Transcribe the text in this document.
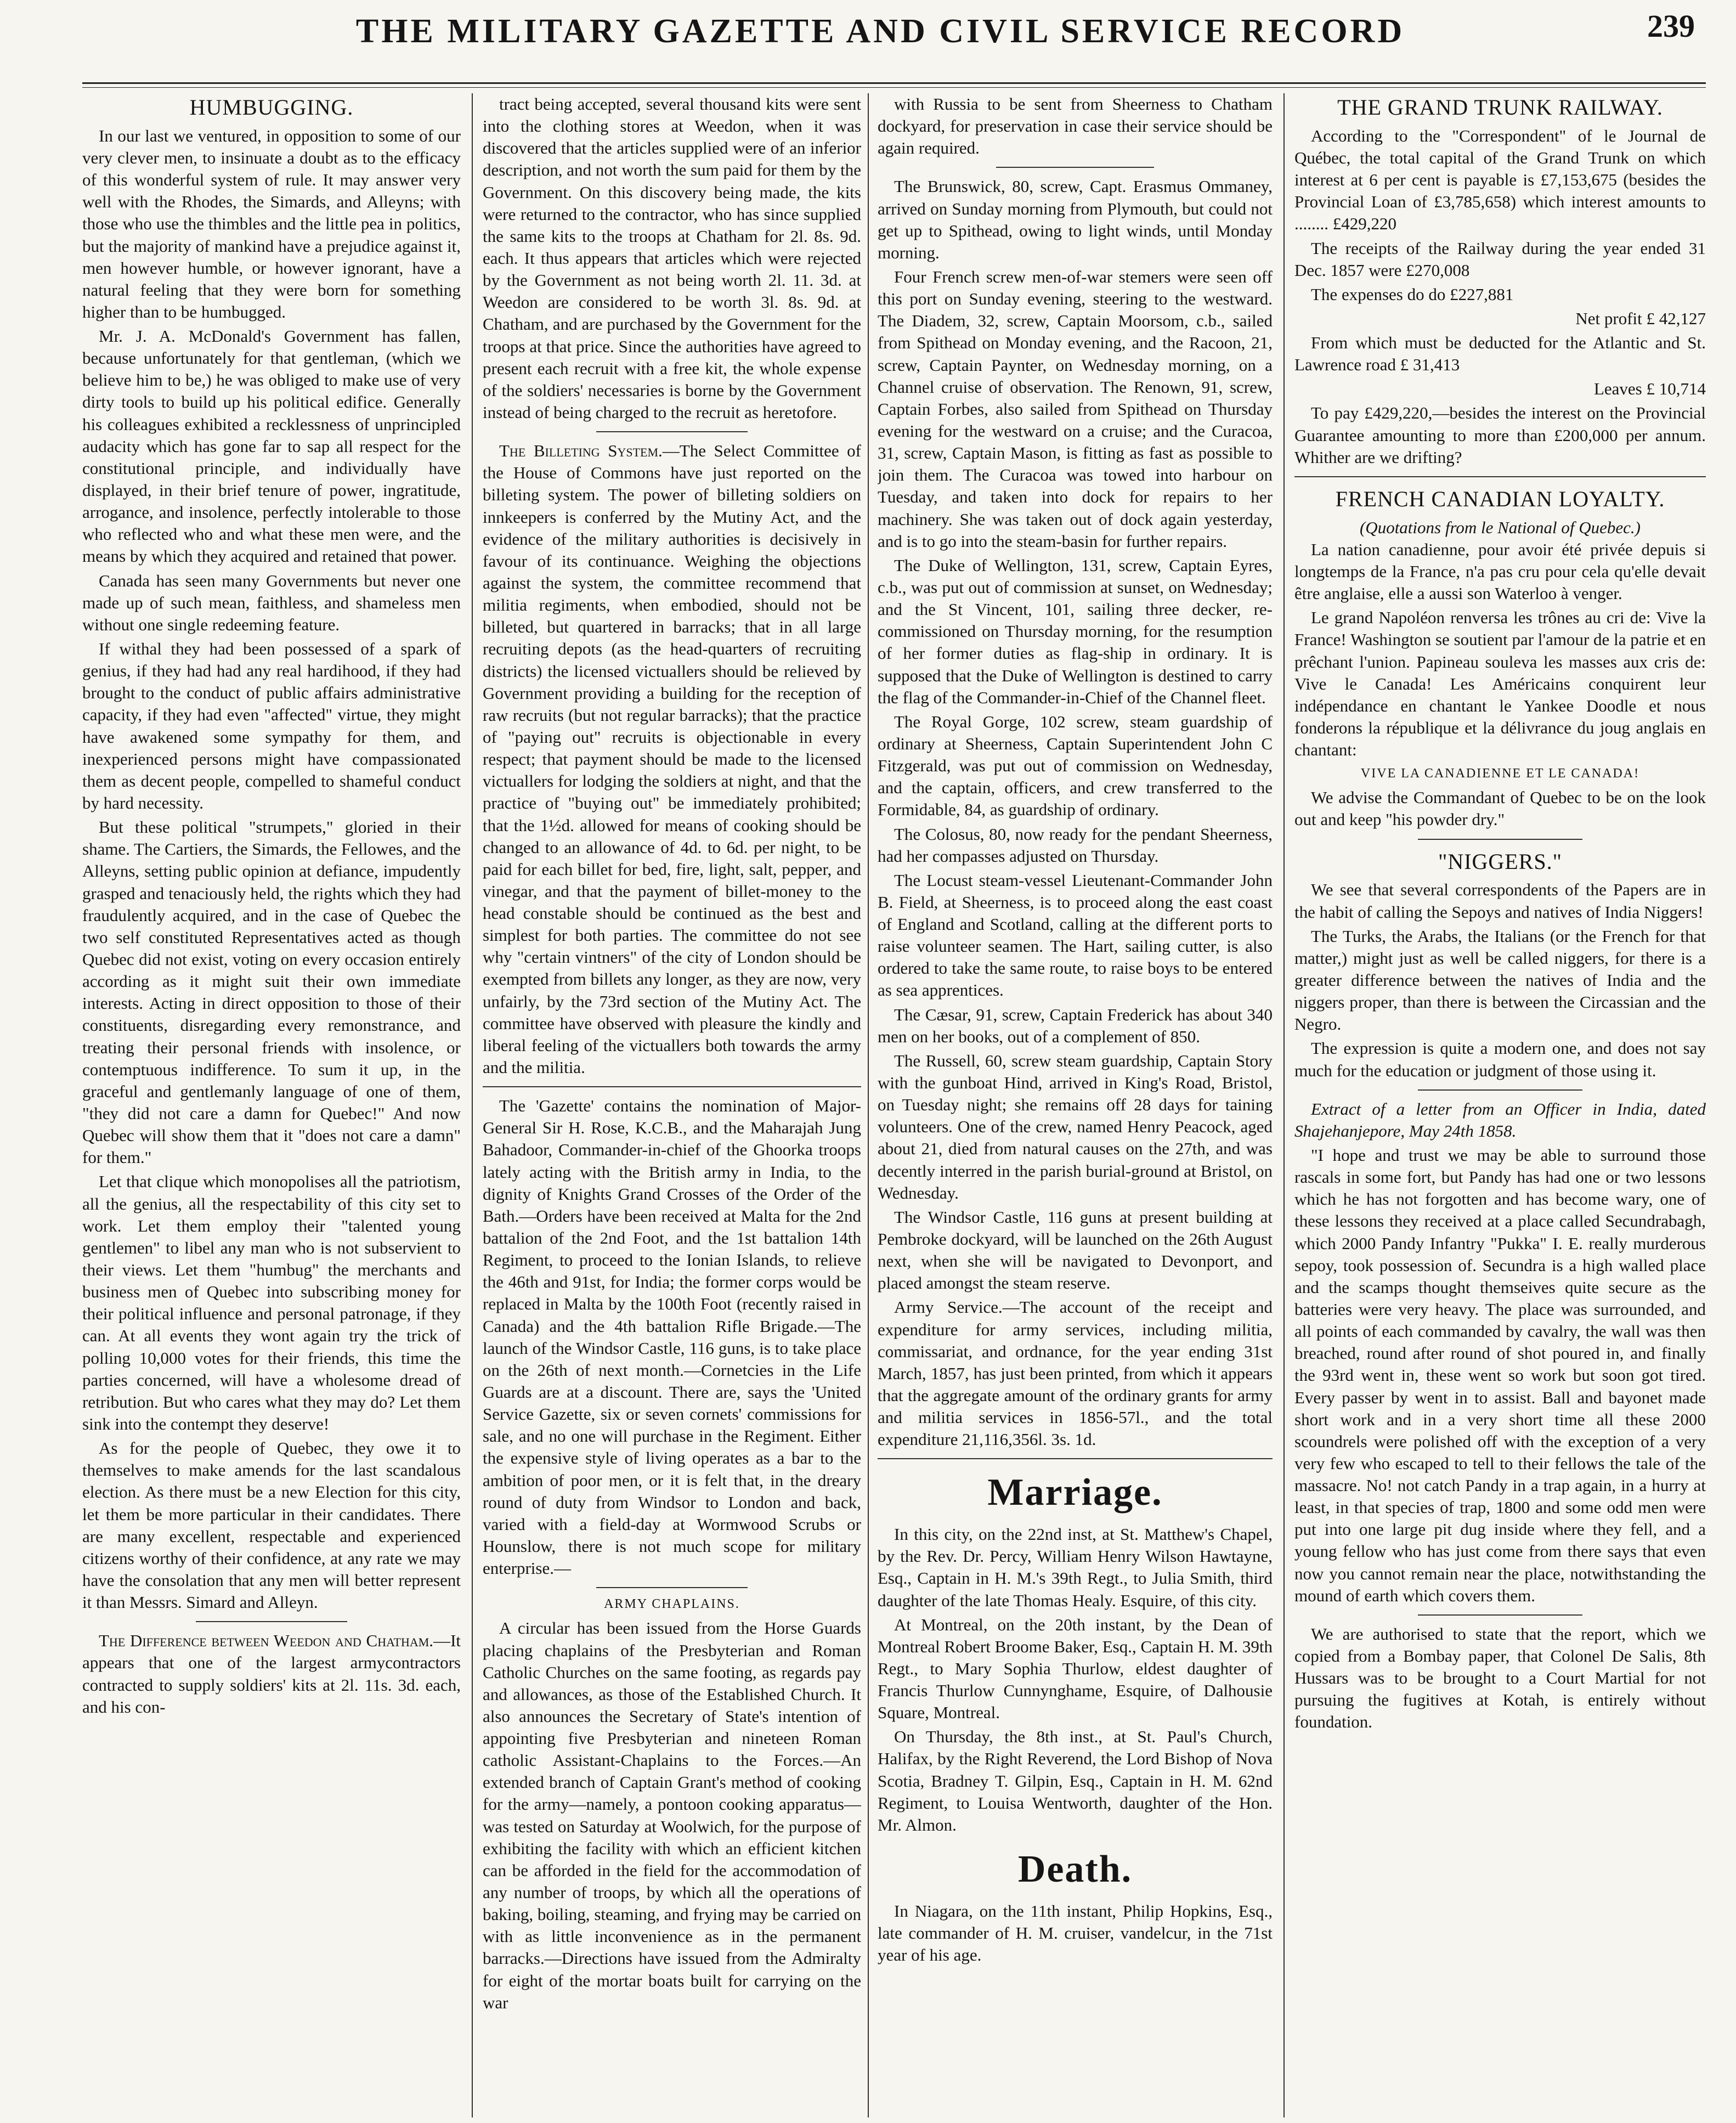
THE MILITARY GAZETTE AND CIVIL SERVICE RECORD	239
HUMBUGGING.

In our last we ventured, in opposition to some of our very clever men, to insinuate a doubt as to the efficacy of this wonderful system of rule. It may answer very well with the Rhodes, the Simards, and Alleyns; with those who use the thimbles and the little pea in politics, but the majority of mankind have a prejudice against it, men however humble, or however ignorant, have a natural feeling that they were born for something higher than to be humbugged.

Mr. J. A. McDonald's Government has fallen, because unfortunately for that gentleman, (which we believe him to be,) he was obliged to make use of very dirty tools to build up his political edifice. Generally his colleagues exhibited a recklessness of unprincipled audacity which has gone far to sap all respect for the constitutional principle, and individually have displayed, in their brief tenure of power, ingratitude, arrogance, and insolence, perfectly intolerable to those who reflected who and what these men were, and the means by which they acquired and retained that power.

Canada has seen many Governments but never one made up of such mean, faithless, and shameless men without one single redeeming feature.

If withal they had been possessed of a spark of genius, if they had had any real hardihood, if they had brought to the conduct of public affairs administrative capacity, if they had even "affected" virtue, they might have awakened some sympathy for them, and inexperienced persons might have compassionated them as decent people, compelled to shameful conduct by hard necessity.

But these political "strumpets," gloried in their shame. The Cartiers, the Simards, the Fellowes, and the Alleyns, setting public opinion at defiance, impudently grasped and tenaciously held, the rights which they had fraudulently acquired, and in the case of Quebec the two self constituted Representatives acted as though Quebec did not exist, voting on every occasion entirely according as it might suit their own immediate interests. Acting in direct opposition to those of their constituents, disregarding every remonstrance, and treating their personal friends with insolence, or contemptuous indifference. To sum it up, in the graceful and gentlemanly language of one of them, "they did not care a damn for Quebec!" And now Quebec will show them that it "does not care a damn" for them."

Let that clique which monopolises all the patriotism, all the genius, all the respectability of this city set to work. Let them employ their "talented young gentlemen" to libel any man who is not subservient to their views. Let them "humbug" the merchants and business men of Quebec into subscribing money for their political influence and personal patronage, if they can. At all events they wont again try the trick of polling 10,000 votes for their friends, this time the parties concerned, will have a wholesome dread of retribution. But who cares what they may do? Let them sink into the contempt they deserve!

As for the people of Quebec, they owe it to themselves to make amends for the last scandalous election. As there must be a new Election for this city, let them be more particular in their candidates. There are many excellent, respectable and experienced citizens worthy of their confidence, at any rate we may have the consolation that any men will better represent it than Messrs. Simard and Alleyn.

The Difference between Weedon and Chatham.—It appears that one of the largest armycontractors contracted to supply soldiers' kits at 2l. 11s. 3d. each, and his con-

tract being accepted, several thousand kits were sent into the clothing stores at Weedon, when it was discovered that the articles supplied were of an inferior description, and not worth the sum paid for them by the Government. On this discovery being made, the kits were returned to the contractor, who has since supplied the same kits to the troops at Chatham for 2l. 8s. 9d. each. It thus appears that articles which were rejected by the Government as not being worth 2l. 11. 3d. at Weedon are considered to be worth 3l. 8s. 9d. at Chatham, and are purchased by the Government for the troops at that price. Since the authorities have agreed to present each recruit with a free kit, the whole expense of the soldiers' necessaries is borne by the Government instead of being charged to the recruit as heretofore.

The Billeting System.—The Select Committee of the House of Commons have just reported on the billeting system. The power of billeting soldiers on innkeepers is conferred by the Mutiny Act, and the evidence of the military authorities is decisively in favour of its continuance. Weighing the objections against the system, the committee recommend that militia regiments, when embodied, should not be billeted, but quartered in barracks; that in all large recruiting depots (as the head-quarters of recruiting districts) the licensed victuallers should be relieved by Government providing a building for the reception of raw recruits (but not regular barracks); that the practice of "paying out" recruits is objectionable in every respect; that payment should be made to the licensed victuallers for lodging the soldiers at night, and that the practice of "buying out" be immediately prohibited; that the 1½d. allowed for means of cooking should be changed to an allowance of 4d. to 6d. per night, to be paid for each billet for bed, fire, light, salt, pepper, and vinegar, and that the payment of billet-money to the head constable should be continued as the best and simplest for both parties. The committee do not see why "certain vintners" of the city of London should be exempted from billets any longer, as they are now, very unfairly, by the 73rd section of the Mutiny Act. The committee have observed with pleasure the kindly and liberal feeling of the victuallers both towards the army and the militia.

The 'Gazette' contains the nomination of Major-General Sir H. Rose, K.C.B., and the Maharajah Jung Bahadoor, Commander-in-chief of the Ghoorka troops lately acting with the British army in India, to the dignity of Knights Grand Crosses of the Order of the Bath.—Orders have been received at Malta for the 2nd battalion of the 2nd Foot, and the 1st battalion 14th Regiment, to proceed to the Ionian Islands, to relieve the 46th and 91st, for India; the former corps would be replaced in Malta by the 100th Foot (recently raised in Canada) and the 4th battalion Rifle Brigade.—The launch of the Windsor Castle, 116 guns, is to take place on the 26th of next month.—Cornetcies in the Life Guards are at a discount. There are, says the 'United Service Gazette, six or seven cornets' commissions for sale, and no one will purchase in the Regiment. Either the expensive style of living operates as a bar to the ambition of poor men, or it is felt that, in the dreary round of duty from Windsor to London and back, varied with a field-day at Wormwood Scrubs or Hounslow, there is not much scope for military enterprise.—

ARMY CHAPLAINS.

A circular has been issued from the Horse Guards placing chaplains of the Presbyterian and Roman Catholic Churches on the same footing, as regards pay and allowances, as those of the Established Church. It also announces the Secretary of State's intention of appointing five Presbyterian and nineteen Roman catholic Assistant-Chaplains to the Forces.—An extended branch of Captain Grant's method of cooking for the army—namely, a pontoon cooking apparatus—was tested on Saturday at Woolwich, for the purpose of exhibiting the facility with which an efficient kitchen can be afforded in the field for the accommodation of any number of troops, by which all the operations of baking, boiling, steaming, and frying may be carried on with as little inconvenience as in the permanent barracks.—Directions have issued from the Admiralty for eight of the mortar boats built for carrying on the war

with Russia to be sent from Sheerness to Chatham dockyard, for preservation in case their service should be again required.

The Brunswick, 80, screw, Capt. Erasmus Ommaney, arrived on Sunday morning from Plymouth, but could not get up to Spithead, owing to light winds, until Monday morning.

Four French screw men-of-war stemers were seen off this port on Sunday evening, steering to the westward. The Diadem, 32, screw, Captain Moorsom, c.b., sailed from Spithead on Monday evening, and the Racoon, 21, screw, Captain Paynter, on Wednesday morning, on a Channel cruise of observation. The Renown, 91, screw, Captain Forbes, also sailed from Spithead on Thursday evening for the westward on a cruise; and the Curacoa, 31, screw, Captain Mason, is fitting as fast as possible to join them. The Curacoa was towed into harbour on Tuesday, and taken into dock for repairs to her machinery. She was taken out of dock again yesterday, and is to go into the steam-basin for further repairs.

The Duke of Wellington, 131, screw, Captain Eyres, c.b., was put out of commission at sunset, on Wednesday; and the St Vincent, 101, sailing three decker, re-commissioned on Thursday morning, for the resumption of her former duties as flag-ship in ordinary. It is supposed that the Duke of Wellington is destined to carry the flag of the Commander-in-Chief of the Channel fleet.

The Royal Gorge, 102 screw, steam guardship of ordinary at Sheerness, Captain Superintendent John C Fitzgerald, was put out of commission on Wednesday, and the captain, officers, and crew transferred to the Formidable, 84, as guardship of ordinary.

The Colosus, 80, now ready for the pendant Sheerness, had her compasses adjusted on Thursday.

The Locust steam-vessel Lieutenant-Commander John B. Field, at Sheerness, is to proceed along the east coast of England and Scotland, calling at the different ports to raise volunteer seamen. The Hart, sailing cutter, is also ordered to take the same route, to raise boys to be entered as sea apprentices.

The Cæsar, 91, screw, Captain Frederick has about 340 men on her books, out of a complement of 850.

The Russell, 60, screw steam guardship, Captain Story with the gunboat Hind, arrived in King's Road, Bristol, on Tuesday night; she remains off 28 days for taining volunteers. One of the crew, named Henry Peacock, aged about 21, died from natural causes on the 27th, and was decently interred in the parish burial-ground at Bristol, on Wednesday.

The Windsor Castle, 116 guns at present building at Pembroke dockyard, will be launched on the 26th August next, when she will be navigated to Devonport, and placed amongst the steam reserve.

Army Service.—The account of the receipt and expenditure for army services, including militia, commissariat, and ordnance, for the year ending 31st March, 1857, has just been printed, from which it appears that the aggregate amount of the ordinary grants for army and militia services in 1856-57l., and the total expenditure 21,116,356l. 3s. 1d.

Marriage.

In this city, on the 22nd inst, at St. Matthew's Chapel, by the Rev. Dr. Percy, William Henry Wilson Hawtayne, Esq., Captain in H. M.'s 39th Regt., to Julia Smith, third daughter of the late Thomas Healy. Esquire, of this city.

At Montreal, on the 20th instant, by the Dean of Montreal Robert Broome Baker, Esq., Captain H. M. 39th Regt., to Mary Sophia Thurlow, eldest daughter of Francis Thurlow Cunnynghame, Esquire, of Dalhousie Square, Montreal.

On Thursday, the 8th inst., at St. Paul's Church, Halifax, by the Right Reverend, the Lord Bishop of Nova Scotia, Bradney T. Gilpin, Esq., Captain in H. M. 62nd Regiment, to Louisa Wentworth, daughter of the Hon. Mr. Almon.

Death.

In Niagara, on the 11th instant, Philip Hopkins, Esq., late commander of H. M. cruiser, vandelcur, in the 71st year of his age.

THE GRAND TRUNK RAILWAY.

According to the "Correspondent" of le Journal de Québec, the total capital of the Grand Trunk on which interest at 6 per cent is payable is £7,153,675 (besides the Provincial Loan of £3,785,658) which interest amounts to ........ £429,220

The receipts of the Railway during the year ended 31 Dec. 1857 were £270,008

The expenses do do £227,881

Net profit £ 42,127

From which must be deducted for the Atlantic and St. Lawrence road £ 31,413

Leaves £ 10,714

To pay £429,220,—besides the interest on the Provincial Guarantee amounting to more than £200,000 per annum. Whither are we drifting?

FRENCH CANADIAN LOYALTY.
(Quotations from le National of Quebec.)

La nation canadienne, pour avoir été privée depuis si longtemps de la France, n'a pas cru pour cela qu'elle devait être anglaise, elle a aussi son Waterloo à venger.

Le grand Napoléon renversa les trônes au cri de: Vive la France! Washington se soutient par l'amour de la patrie et en prêchant l'union. Papineau souleva les masses aux cris de: Vive le Canada! Les Américains conquirent leur indépendance en chantant le Yankee Doodle et nous fonderons la république et la délivrance du joug anglais en chantant:

VIVE LA CANADIENNE ET LE CANADA!

We advise the Commandant of Quebec to be on the look out and keep "his powder dry."

"NIGGERS."

We see that several correspondents of the Papers are in the habit of calling the Sepoys and natives of India Niggers!

The Turks, the Arabs, the Italians (or the French for that matter,) might just as well be called niggers, for there is a greater difference between the natives of India and the niggers proper, than there is between the Circassian and the Negro.

The expression is quite a modern one, and does not say much for the education or judgment of those using it.

Extract of a letter from an Officer in India, dated Shajehanjepore, May 24th 1858.

"I hope and trust we may be able to surround those rascals in some fort, but Pandy has had one or two lessons which he has not forgotten and has become wary, one of these lessons they received at a place called Secundrabagh, which 2000 Pandy Infantry "Pukka" I. E. really murderous sepoy, took possession of. Secundra is a high walled place and the scamps thought themseives quite secure as the batteries were very heavy. The place was surrounded, and all points of each commanded by cavalry, the wall was then breached, round after round of shot poured in, and finally the 93rd went in, these went so work but soon got tired. Every passer by went in to assist. Ball and bayonet made short work and in a very short time all these 2000 scoundrels were polished off with the exception of a very very few who escaped to tell to their fellows the tale of the massacre. No! not catch Pandy in a trap again, in a hurry at least, in that species of trap, 1800 and some odd men were put into one large pit dug inside where they fell, and a young fellow who has just come from there says that even now you cannot remain near the place, notwithstanding the mound of earth which covers them.

We are authorised to state that the report, which we copied from a Bombay paper, that Colonel De Salis, 8th Hussars was to be brought to a Court Martial for not pursuing the fugitives at Kotah, is entirely without foundation.
